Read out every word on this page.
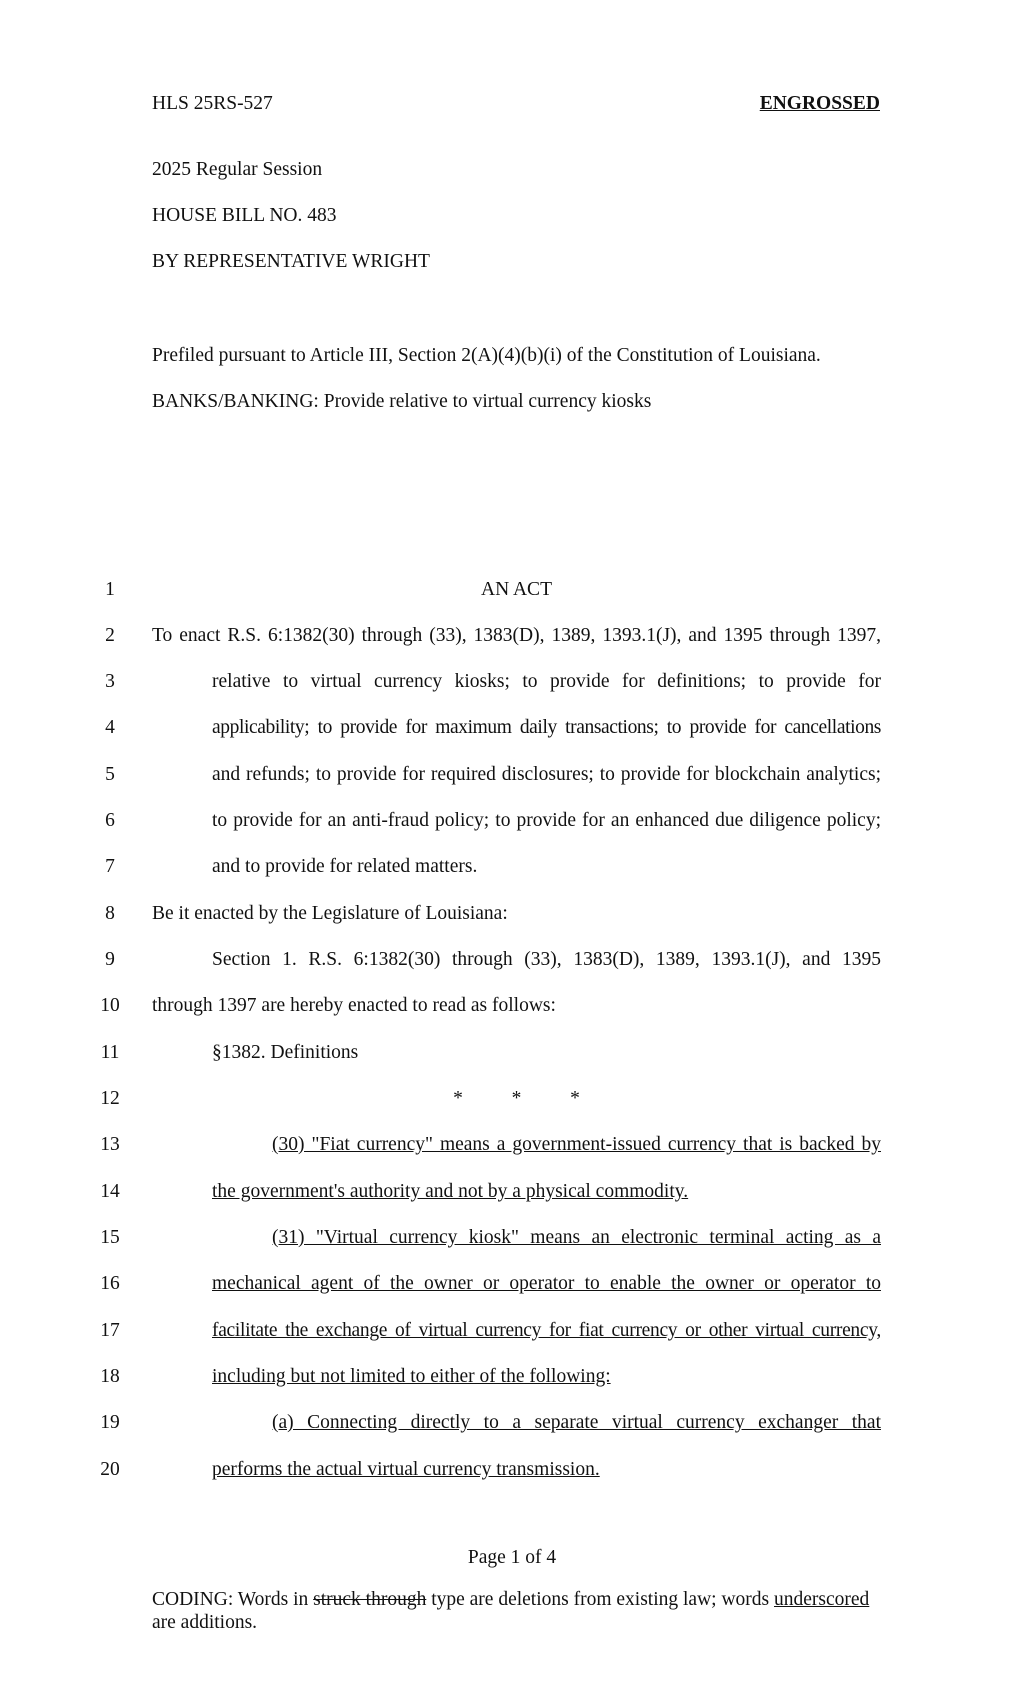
HLS 25RS-527	ENGROSSED
2025 Regular Session
HOUSE BILL NO. 483
BY REPRESENTATIVE WRIGHT
Prefiled pursuant to Article III, Section 2(A)(4)(b)(i) of the Constitution of Louisiana.
BANKS/BANKING: Provide relative to virtual currency kiosks
1	AN ACT
2	To enact R.S. 6:1382(30) through (33), 1383(D), 1389, 1393.1(J), and 1395 through 1397,
3	relative to virtual currency kiosks; to provide for definitions; to provide for
4	applicability; to provide for maximum daily transactions; to provide for cancellations
5	and refunds; to provide for required disclosures; to provide for blockchain analytics;
6	to provide for an anti-fraud policy; to provide for an enhanced due diligence policy;
7	and to provide for related matters.
8	Be it enacted by the Legislature of Louisiana:
9	Section 1. R.S. 6:1382(30) through (33), 1383(D), 1389, 1393.1(J), and 1395
10 through 1397 are hereby enacted to read as follows:
11	§1382. Definitions
12	*          *          *
13	(30) "Fiat currency" means a government-issued currency that is backed by
14	the government's authority and not by a physical commodity.
15	(31) "Virtual currency kiosk" means an electronic terminal acting as a
16	mechanical agent of the owner or operator to enable the owner or operator to
17	facilitate the exchange of virtual currency for fiat currency or other virtual currency,
18	including but not limited to either of the following:
19	(a) Connecting directly to a separate virtual currency exchanger that
20	performs the actual virtual currency transmission.
Page 1 of 4
CODING: Words in struck through type are deletions from existing law; words underscored are additions.
